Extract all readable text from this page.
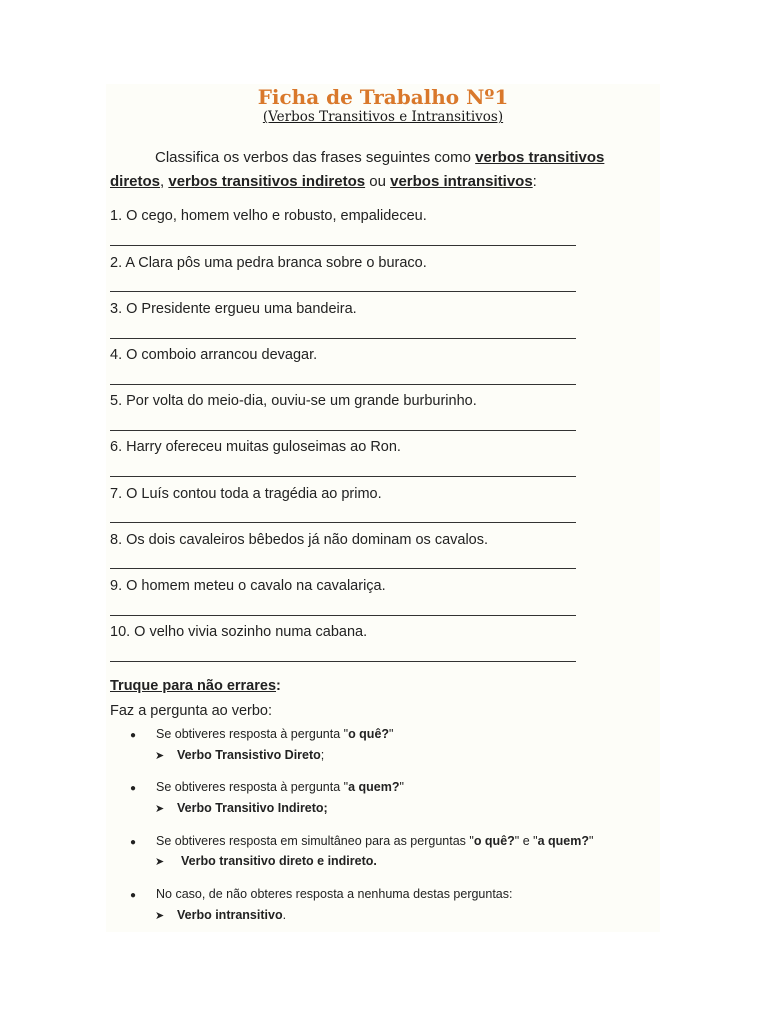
Ficha de Trabalho Nº1
(Verbos Transitivos e Intransitivos)
Classifica os verbos das frases seguintes como verbos transitivos diretos, verbos transitivos indiretos ou verbos intransitivos:
1. O cego, homem velho e robusto, empalideceu.
2. A Clara pôs uma pedra branca sobre o buraco.
3. O Presidente ergueu uma bandeira.
4. O comboio arrancou devagar.
5. Por volta do meio-dia, ouviu-se um grande burburinho.
6. Harry ofereceu muitas guloseimas ao Ron.
7. O Luís contou toda a tragédia ao primo.
8. Os dois cavaleiros bêbedos já não dominam os cavalos.
9. O homem meteu o cavalo na cavalariça.
10. O velho vivia sozinho numa cabana.
Truque para não errares:
Faz a pergunta ao verbo:
● Se obtiveres resposta à pergunta "o quê?"
➤ Verbo Transistivo Direto;
● Se obtiveres resposta à pergunta "a quem?"
➤ Verbo Transitivo Indireto;
● Se obtiveres resposta em simultâneo para as perguntas "o quê?" e "a quem?"
➤ Verbo transitivo direto e indireto.
● No caso, de não obteres resposta a nenhuma destas perguntas:
➤ Verbo intransitivo.
